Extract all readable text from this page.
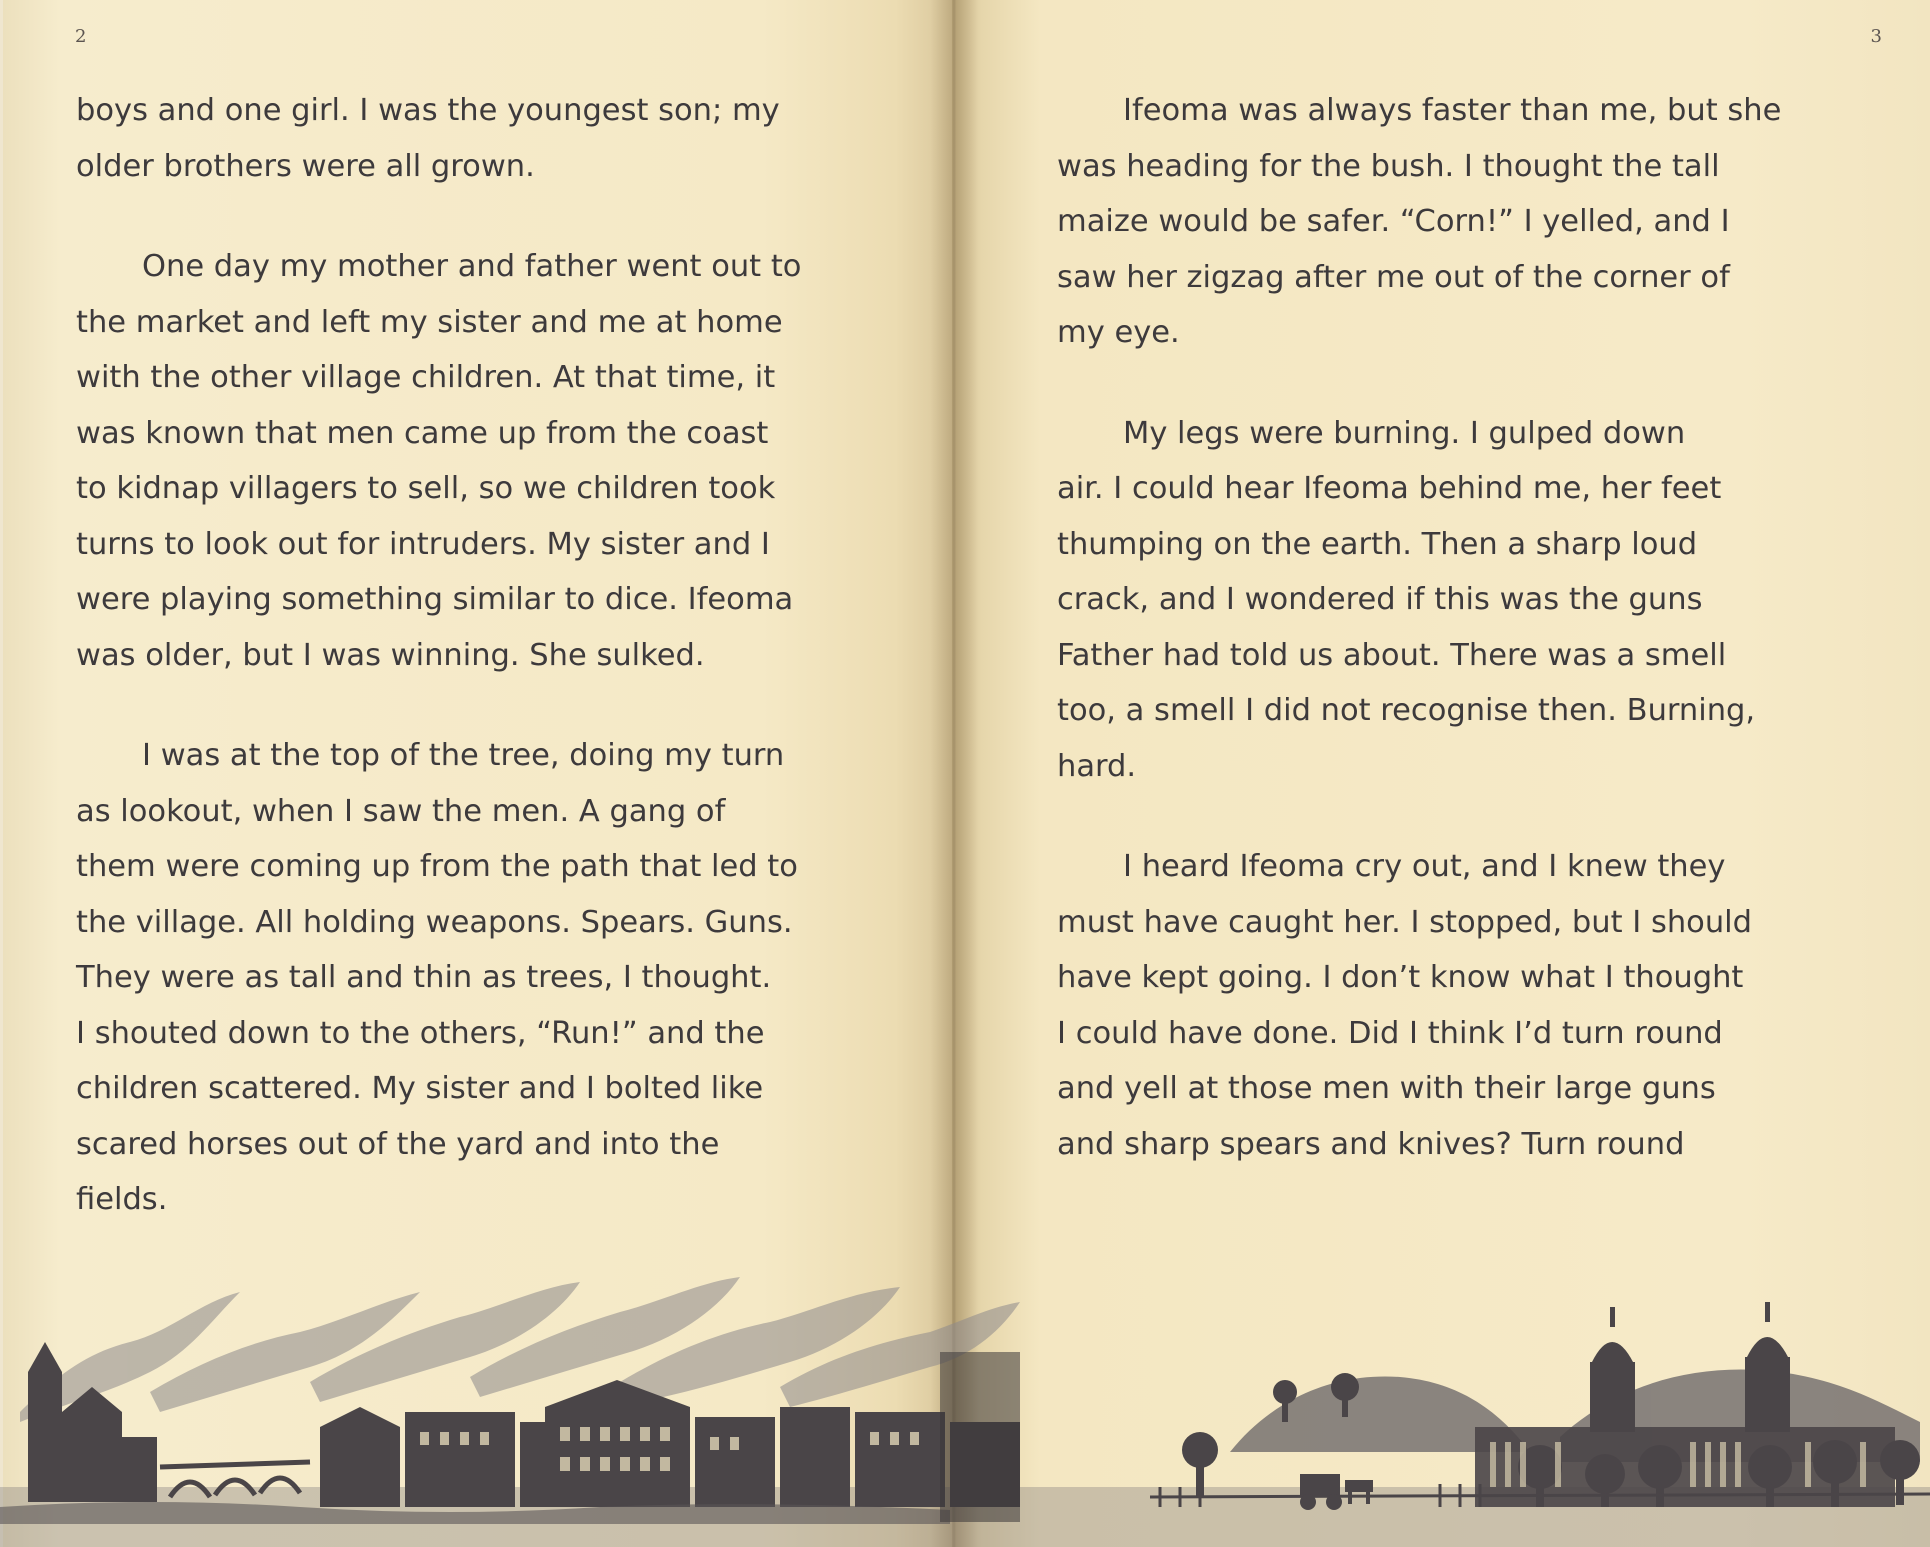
2
boys and one girl. I was the youngest son; my
older brothers were all grown.
One day my mother and father went out to
the market and left my sister and me at home
with the other village children. At that time, it
was known that men came up from the coast
to kidnap villagers to sell, so we children took
turns to look out for intruders. My sister and I
were playing something similar to dice. Ifeoma
was older, but I was winning. She sulked.
I was at the top of the tree, doing my turn
as lookout, when I saw the men. A gang of
them were coming up from the path that led to
the village. All holding weapons. Spears. Guns.
They were as tall and thin as trees, I thought.
I shouted down to the others, “Run!” and the
children scattered. My sister and I bolted like
scared horses out of the yard and into the
fields.
3
Ifeoma was always faster than me, but she
was heading for the bush. I thought the tall
maize would be safer. “Corn!” I yelled, and I
saw her zigzag after me out of the corner of
my eye.
My legs were burning. I gulped down
air. I could hear Ifeoma behind me, her feet
thumping on the earth. Then a sharp loud
crack, and I wondered if this was the guns
Father had told us about. There was a smell
too, a smell I did not recognise then. Burning,
hard.
I heard Ifeoma cry out, and I knew they
must have caught her. I stopped, but I should
have kept going. I don’t know what I thought
I could have done. Did I think I’d turn round
and yell at those men with their large guns
and sharp spears and knives? Turn round
